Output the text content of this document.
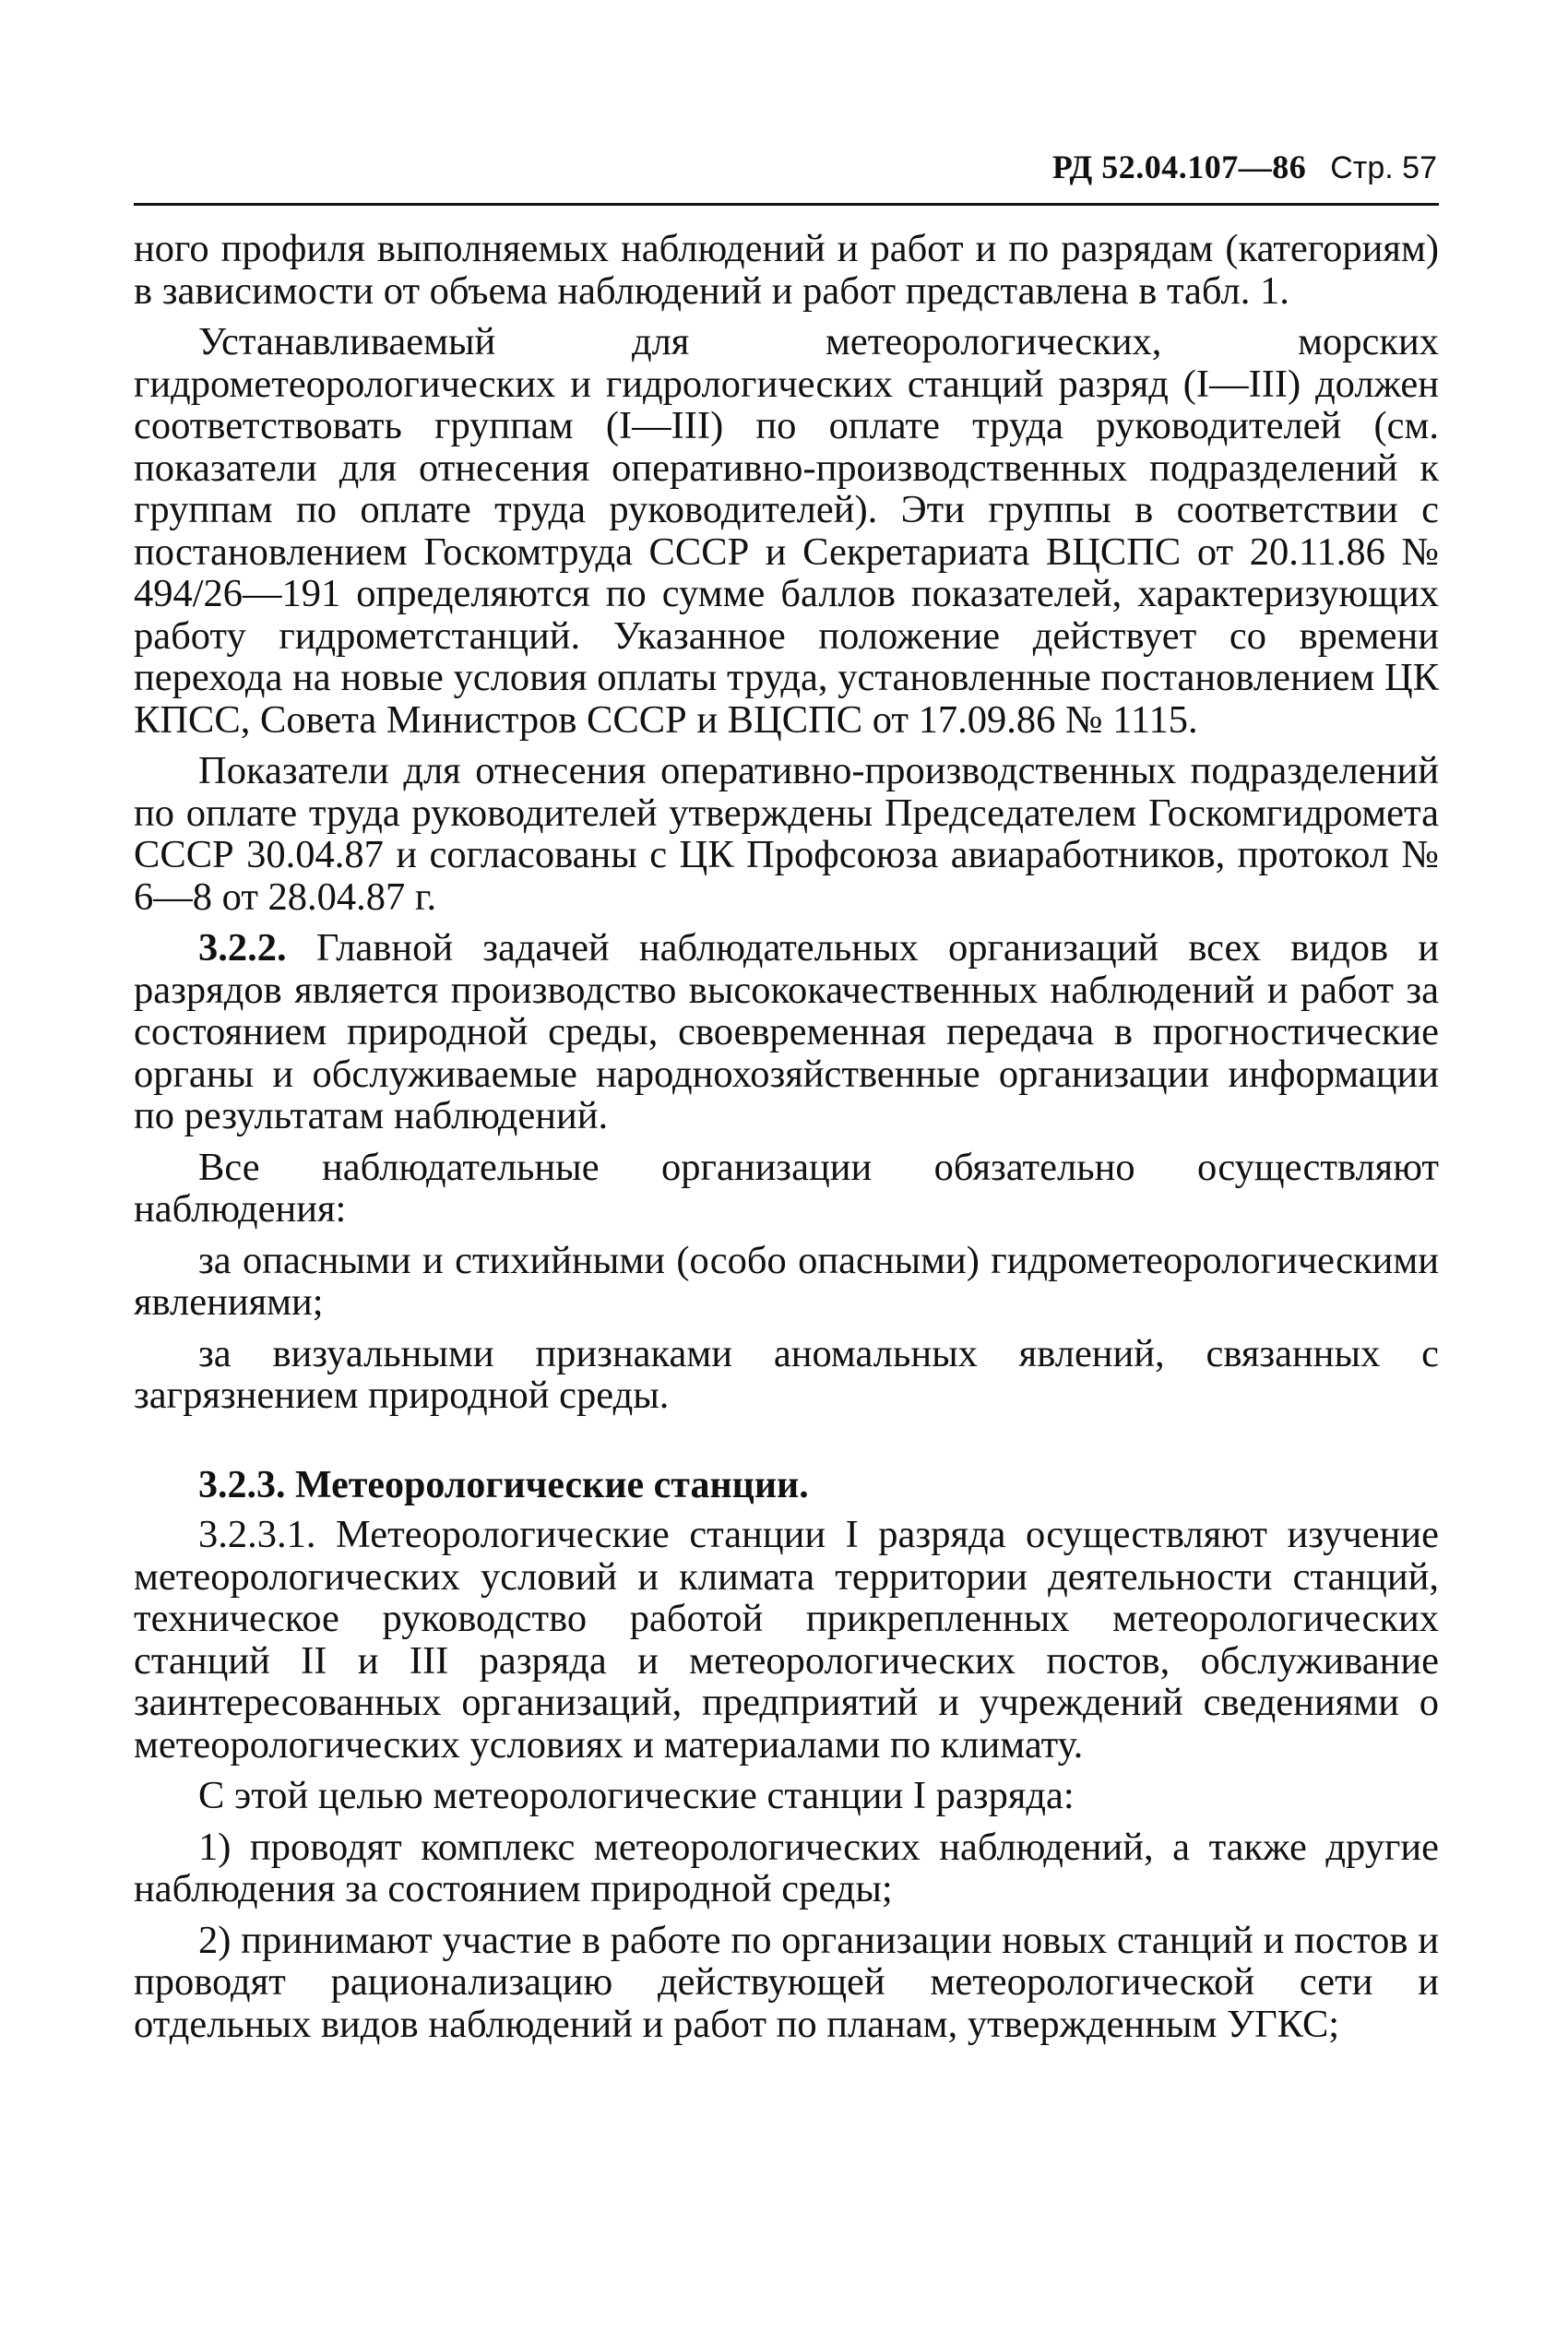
РД 52.04.107—86 Стр. 57

ного профиля выполняемых наблюдений и работ и по разрядам (категориям) в зависимости от объема наблюдений и работ представлена в табл. 1.

Устанавливаемый для метеорологических, морских гидрометеорологических и гидрологических станций разряд (I—III) должен соответствовать группам (I—III) по оплате труда руководителей (см. показатели для отнесения оперативно-производственных подразделений к группам по оплате труда руководителей). Эти группы в соответствии с постановлением Госкомтруда СССР и Секретариата ВЦСПС от 20.11.86 № 494/26—191 определяются по сумме баллов показателей, характеризующих работу гидрометстанций. Указанное положение действует со времени перехода на новые условия оплаты труда, установленные постановлением ЦК КПСС, Совета Министров СССР и ВЦСПС от 17.09.86 № 1115.

Показатели для отнесения оперативно-производственных подразделений по оплате труда руководителей утверждены Председателем Госкомгидромета СССР 30.04.87 и согласованы с ЦК Профсоюза авиаработников, протокол № 6—8 от 28.04.87 г.

3.2.2. Главной задачей наблюдательных организаций всех видов и разрядов является производство высококачественных наблюдений и работ за состоянием природной среды, своевременная передача в прогностические органы и обслуживаемые народнохозяйственные организации информации по результатам наблюдений.

Все наблюдательные организации обязательно осуществляют наблюдения:

за опасными и стихийными (особо опасными) гидрометеорологическими явлениями;

за визуальными признаками аномальных явлений, связанных с загрязнением природной среды.

3.2.3. Метеорологические станции.

3.2.3.1. Метеорологические станции I разряда осуществляют изучение метеорологических условий и климата территории деятельности станций, техническое руководство работой прикрепленных метеорологических станций II и III разряда и метеорологических постов, обслуживание заинтересованных организаций, предприятий и учреждений сведениями о метеорологических условиях и материалами по климату.

С этой целью метеорологические станции I разряда:

1) проводят комплекс метеорологических наблюдений, а также другие наблюдения за состоянием природной среды;

2) принимают участие в работе по организации новых станций и постов и проводят рационализацию действующей метеорологической сети и отдельных видов наблюдений и работ по планам, утвержденным УГКС;
